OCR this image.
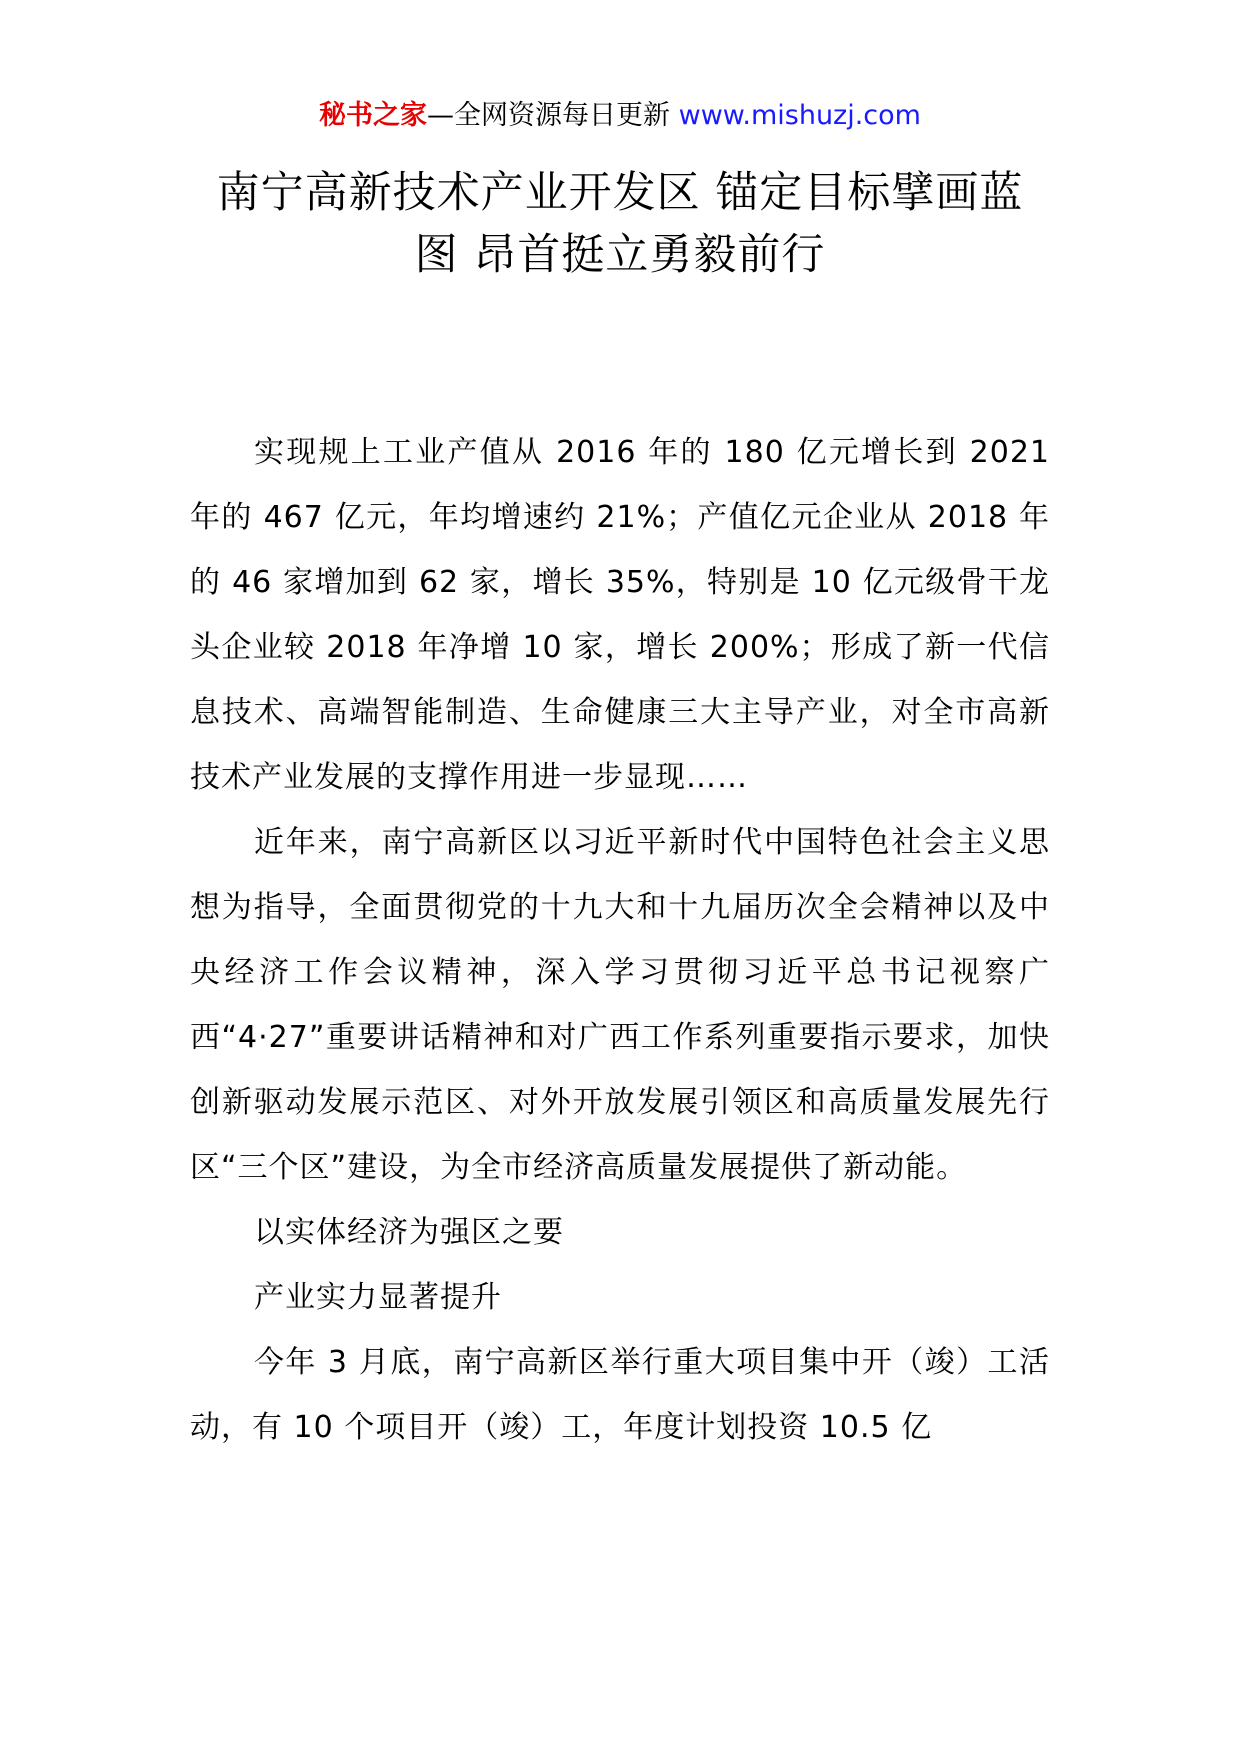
秘书之家—全网资源每日更新 www.mishuzj.com
南宁高新技术产业开发区 锚定目标擘画蓝
图 昂首挺立勇毅前行

实现规上工业产值从 2016 年的 180 亿元增长到 2021 年的 467 亿元，年均增速约 21%；产值亿元企业从 2018 年的 46 家增加到 62 家，增长 35%，特别是 10 亿元级骨干龙头企业较 2018 年净增 10 家，增长 200%；形成了新一代信息技术、高端智能制造、生命健康三大主导产业，对全市高新技术产业发展的支撑作用进一步显现……

近年来，南宁高新区以习近平新时代中国特色社会主义思想为指导，全面贯彻党的十九大和十九届历次全会精神以及中央经济工作会议精神，深入学习贯彻习近平总书记视察广西“4·27”重要讲话精神和对广西工作系列重要指示要求，加快创新驱动发展示范区、对外开放发展引领区和高质量发展先行区“三个区”建设，为全市经济高质量发展提供了新动能。

以实体经济为强区之要

产业实力显著提升

今年 3 月底，南宁高新区举行重大项目集中开（竣）工活动，有 10 个项目开（竣）工，年度计划投资 10.5 亿
